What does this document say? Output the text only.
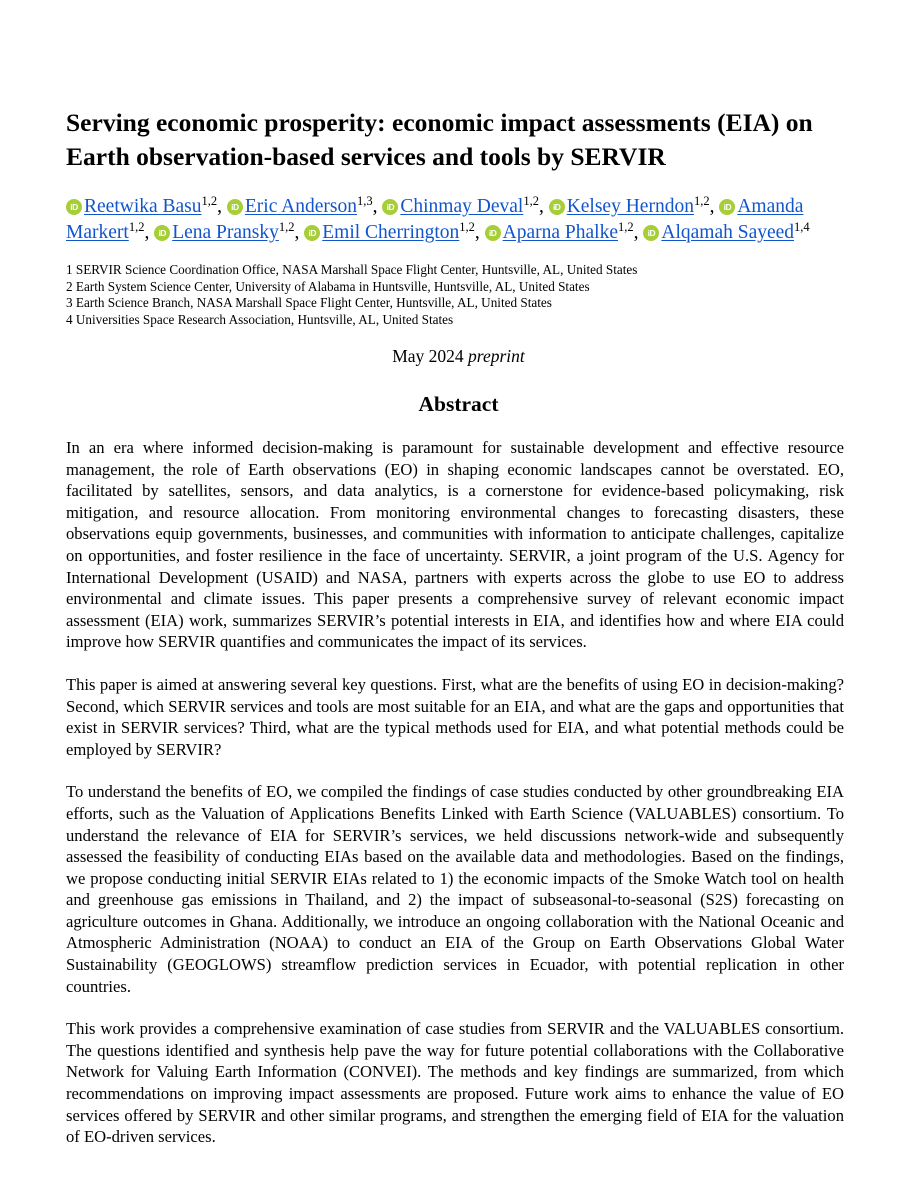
Serving economic prosperity: economic impact assessments (EIA) on Earth observation-based services and tools by SERVIR
iD Reetwika Basu$^{1,2}$, iD Eric Anderson$^{1,3}$, iD Chinmay Deval$^{1,2}$, iD Kelsey Herndon$^{1,2}$, iD Amanda Markert$^{1,2}$, iD Lena Pransky$^{1,2}$, iD Emil Cherrington$^{1,2}$, iD Aparna Phalke$^{1,2}$, iD Alqamah Sayeed$^{1,4}$
1 SERVIR Science Coordination Office, NASA Marshall Space Flight Center, Huntsville, AL, United States
2 Earth System Science Center, University of Alabama in Huntsville, Huntsville, AL, United States
3 Earth Science Branch, NASA Marshall Space Flight Center, Huntsville, AL, United States
4 Universities Space Research Association, Huntsville, AL, United States
May 2024 preprint
Abstract

In an era where informed decision-making is paramount for sustainable development and effective resource management, the role of Earth observations (EO) in shaping economic landscapes cannot be overstated. EO, facilitated by satellites, sensors, and data analytics, is a cornerstone for evidence-based policymaking, risk mitigation, and resource allocation. From monitoring environmental changes to forecasting disasters, these observations equip governments, businesses, and communities with information to anticipate challenges, capitalize on opportunities, and foster resilience in the face of uncertainty. SERVIR, a joint program of the U.S. Agency for International Development (USAID) and NASA, partners with experts across the globe to use EO to address environmental and climate issues. This paper presents a comprehensive survey of relevant economic impact assessment (EIA) work, summarizes SERVIR’s potential interests in EIA, and identifies how and where EIA could improve how SERVIR quantifies and communicates the impact of its services.

This paper is aimed at answering several key questions. First, what are the benefits of using EO in decision-making? Second, which SERVIR services and tools are most suitable for an EIA, and what are the gaps and opportunities that exist in SERVIR services? Third, what are the typical methods used for EIA, and what potential methods could be employed by SERVIR?

To understand the benefits of EO, we compiled the findings of case studies conducted by other groundbreaking EIA efforts, such as the Valuation of Applications Benefits Linked with Earth Science (VALUABLES) consortium. To understand the relevance of EIA for SERVIR’s services, we held discussions network-wide and subsequently assessed the feasibility of conducting EIAs based on the available data and methodologies. Based on the findings, we propose conducting initial SERVIR EIAs related to 1) the economic impacts of the Smoke Watch tool on health and greenhouse gas emissions in Thailand, and 2) the impact of subseasonal-to-seasonal (S2S) forecasting on agriculture outcomes in Ghana. Additionally, we introduce an ongoing collaboration with the National Oceanic and Atmospheric Administration (NOAA) to conduct an EIA of the Group on Earth Observations Global Water Sustainability (GEOGLOWS) streamflow prediction services in Ecuador, with potential replication in other countries.

This work provides a comprehensive examination of case studies from SERVIR and the VALUABLES consortium. The questions identified and synthesis help pave the way for future potential collaborations with the Collaborative Network for Valuing Earth Information (CONVEI). The methods and key findings are summarized, from which recommendations on improving impact assessments are proposed. Future work aims to enhance the value of EO services offered by SERVIR and other similar programs, and strengthen the emerging field of EIA for the valuation of EO-driven services.
